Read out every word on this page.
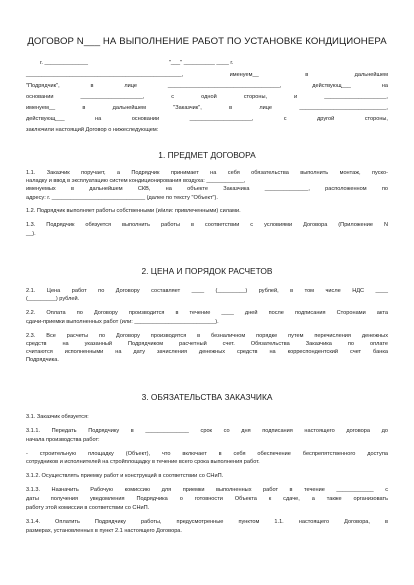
ДОГОВОР N___ НА ВЫПОЛНЕНИЕ РАБОТ ПО УСТАНОВКЕ КОНДИЦИОНЕРА
г. ______________                                                    "___" __________ ____ г.
__________________________________________________, именуем__ в дальнейшем
"Подрядчик", в лице ____________________________________, действующ___ на
основании ____________________, с одной стороны, и ____________________,
именуем__ в дальнейшем "Заказчик", в лице ____________________________,
действующ___ на основании ____________________, с другой стороны,
заключили настоящий Договор о нижеследующем:
1. ПРЕДМЕТ ДОГОВОРА
1.1. Заказчик поручает, а Подрядчик принимает на себя обязательства выполнить монтаж, пуско-
наладку и ввод в эксплуатацию систем кондиционирования воздуха: ____________,
именуемых в дальнейшем СКВ, на объекте Заказчика ______________, расположенном по
адресу: г. ______________________________ (далее по тексту "Объект").
1.2. Подрядчик выполняет работы собственными (и/или: привлеченными) силами.
1.3. Подрядчик обязуется выполнить работы в соответствии с условиями Договора (Приложение N
__).
2. ЦЕНА И ПОРЯДОК РАСЧЕТОВ
2.1. Цена работ по Договору составляет ____ (_________) рублей, в том числе НДС ____
(_________) рублей.
2.2. Оплата по Договору производится в течение ____ дней после подписания Сторонами акта
сдачи-приемки выполненных работ (или: __________________________).
2.3. Все расчеты по Договору производятся в безналичном порядке путем перечисления денежных
средств на указанный Подрядчиком расчетный счет. Обязательства Заказчика по оплате
считаются исполненными на дату зачисления денежных средств на корреспондентский счет банка
Подрядчика.
3. ОБЯЗАТЕЛЬСТВА ЗАКАЗЧИКА
3.1. Заказчик обязуется:
3.1.1. Передать Подрядчику в ______________ срок со дня подписания настоящего договора до
начала производства работ:
- строительную площадку (Объект), что включает в себя обеспечение беспрепятственного доступа
сотрудников и исполнителей на стройплощадку в течение всего срока выполнения работ.
3.1.2. Осуществлять приемку работ и конструкций в соответствии со СНиП.
3.1.3. Назначить Рабочую комиссию для приемки выполненных работ в течение ____________ с
даты получения уведомления Подрядчика о готовности Объекта к сдаче, а также организовать
работу этой комиссии в соответствии со СНиП.
3.1.4. Оплатить Подрядчику работы, предусмотренные пунктом 1.1. настоящего Договора, в
размерах, установленных в пункт 2.1 настоящего Договора.
